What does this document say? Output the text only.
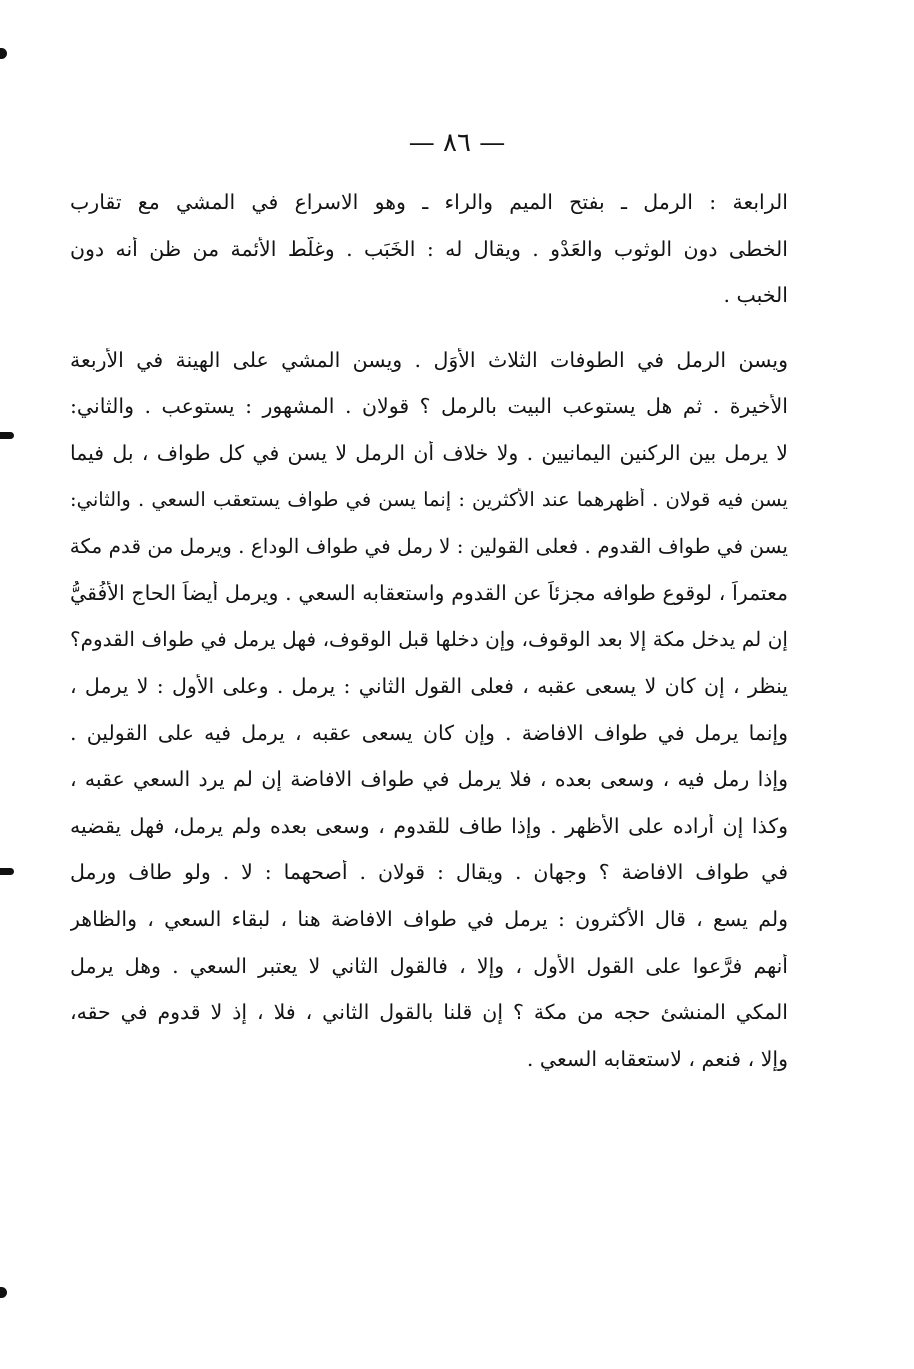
— ٨٦ —
الرابعة : الرمل ـ بفتح الميم والراء ـ وهو الاسراع في المشي مع تقارب
الخطى دون الوثوب والعَدْو . ويقال له : الخَبَب . وغلّط الأئمة من ظن أنه دون
الخبب .
ويسن الرمل في الطوفات الثلاث الأُوَل . ويسن المشي على الهينة في الأربعة
الأخيرة . ثم هل يستوعب البيت بالرمل ؟ قولان . المشهور : يستوعب . والثاني:
لا يرمل بين الركنين اليمانيين . ولا خلاف أن الرمل لا يسن في كل طواف ، بل فيما
يسن فيه قولان . أظهرهما عند الأكثرين : إنما يسن في طواف يستعقب السعي . والثاني:
يسن في طواف القدوم . فعلى القولين : لا رمل في طواف الوداع . ويرمل من قدم مكة
معتمراً ، لوقوع طوافه مجزئاً عن القدوم واستعقابه السعي . ويرمل أيضاً الحاج الأُفُقيُّ
إن لم يدخل مكة إلا بعد الوقوف، وإن دخلها قبل الوقوف، فهل يرمل في طواف القدوم؟
ينظر ، إن كان لا يسعى عقبه ، فعلى القول الثاني : يرمل . وعلى الأول : لا يرمل ،
وإنما يرمل في طواف الافاضة . وإن كان يسعى عقبه ، يرمل فيه على القولين .
وإذا رمل فيه ، وسعى بعده ، فلا يرمل في طواف الافاضة إن لم يرد السعي عقبه ،
وكذا إن أراده على الأظهر . وإذا طاف للقدوم ، وسعى بعده ولم يرمل، فهل يقضيه
في طواف الافاضة ؟ وجهان . ويقال : قولان . أصحهما : لا . ولو طاف ورمل
ولم يسع ، قال الأكثرون : يرمل في طواف الافاضة هنا ، لبقاء السعي ، والظاهر
أنهم فرَّعوا على القول الأول ، وإلا ، فالقول الثاني لا يعتبر السعي . وهل يرمل
المكي المنشئ حجه من مكة ؟ إن قلنا بالقول الثاني ، فلا ، إذ لا قدوم في حقه،
وإلا ، فنعم ، لاستعقابه السعي .
